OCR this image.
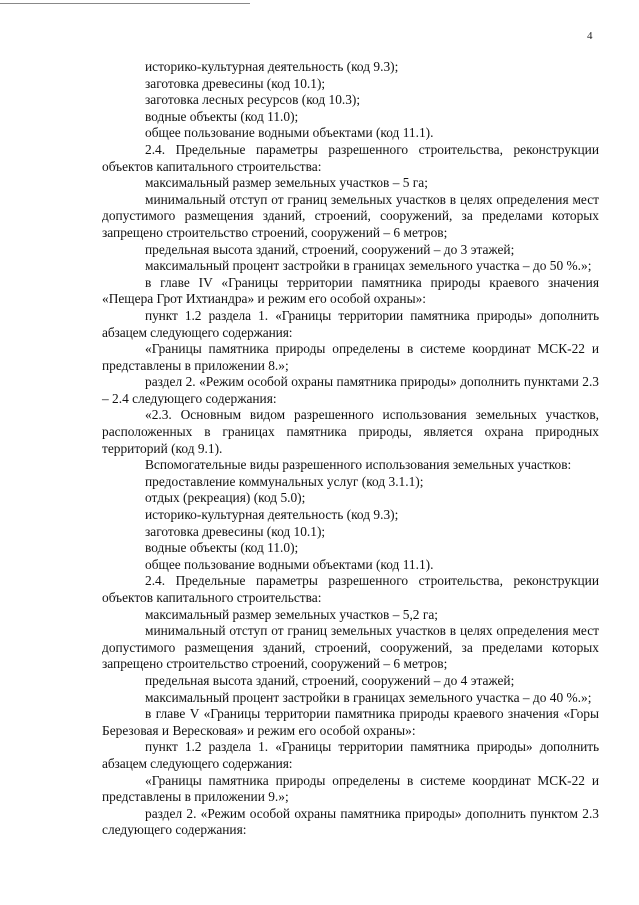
4

историко-культурная деятельность (код 9.3);

заготовка древесины (код 10.1);

заготовка лесных ресурсов (код 10.3);

водные объекты (код 11.0);

общее пользование водными объектами (код 11.1).

2.4. Предельные параметры разрешенного строительства, реконструкции объектов капитального строительства:

максимальный размер земельных участков – 5 га;

минимальный отступ от границ земельных участков в целях определения мест допустимого размещения зданий, строений, сооружений, за пределами которых запрещено строительство строений, сооружений – 6 метров;

предельная высота зданий, строений, сооружений – до 3 этажей;

максимальный процент застройки в границах земельного участка – до 50 %.»;

в главе IV «Границы территории памятника природы краевого значения «Пещера Грот Ихтиандра» и режим его особой охраны»:

пункт 1.2 раздела 1. «Границы территории памятника природы» дополнить абзацем следующего содержания:

«Границы памятника природы определены в системе координат МСК-22 и представлены в приложении 8.»;

раздел 2. «Режим особой охраны памятника природы» дополнить пунктами 2.3 – 2.4 следующего содержания:

«2.3. Основным видом разрешенного использования земельных участков, расположенных в границах памятника природы, является охрана природных территорий (код 9.1).

Вспомогательные виды разрешенного использования земельных участков:

предоставление коммунальных услуг (код 3.1.1);

отдых (рекреация) (код 5.0);

историко-культурная деятельность (код 9.3);

заготовка древесины (код 10.1);

водные объекты (код 11.0);

общее пользование водными объектами (код 11.1).

2.4. Предельные параметры разрешенного строительства, реконструкции объектов капитального строительства:

максимальный размер земельных участков – 5,2 га;

минимальный отступ от границ земельных участков в целях определения мест допустимого размещения зданий, строений, сооружений, за пределами которых запрещено строительство строений, сооружений – 6 метров;

предельная высота зданий, строений, сооружений – до 4 этажей;

максимальный процент застройки в границах земельного участка – до 40 %.»;

в главе V «Границы территории памятника природы краевого значения «Горы Березовая и Вересковая» и режим его особой охраны»:

пункт 1.2 раздела 1. «Границы территории памятника природы» дополнить абзацем следующего содержания:

«Границы памятника природы определены в системе координат МСК-22 и представлены в приложении 9.»;

раздел 2. «Режим особой охраны памятника природы» дополнить пунктом 2.3 следующего содержания:
